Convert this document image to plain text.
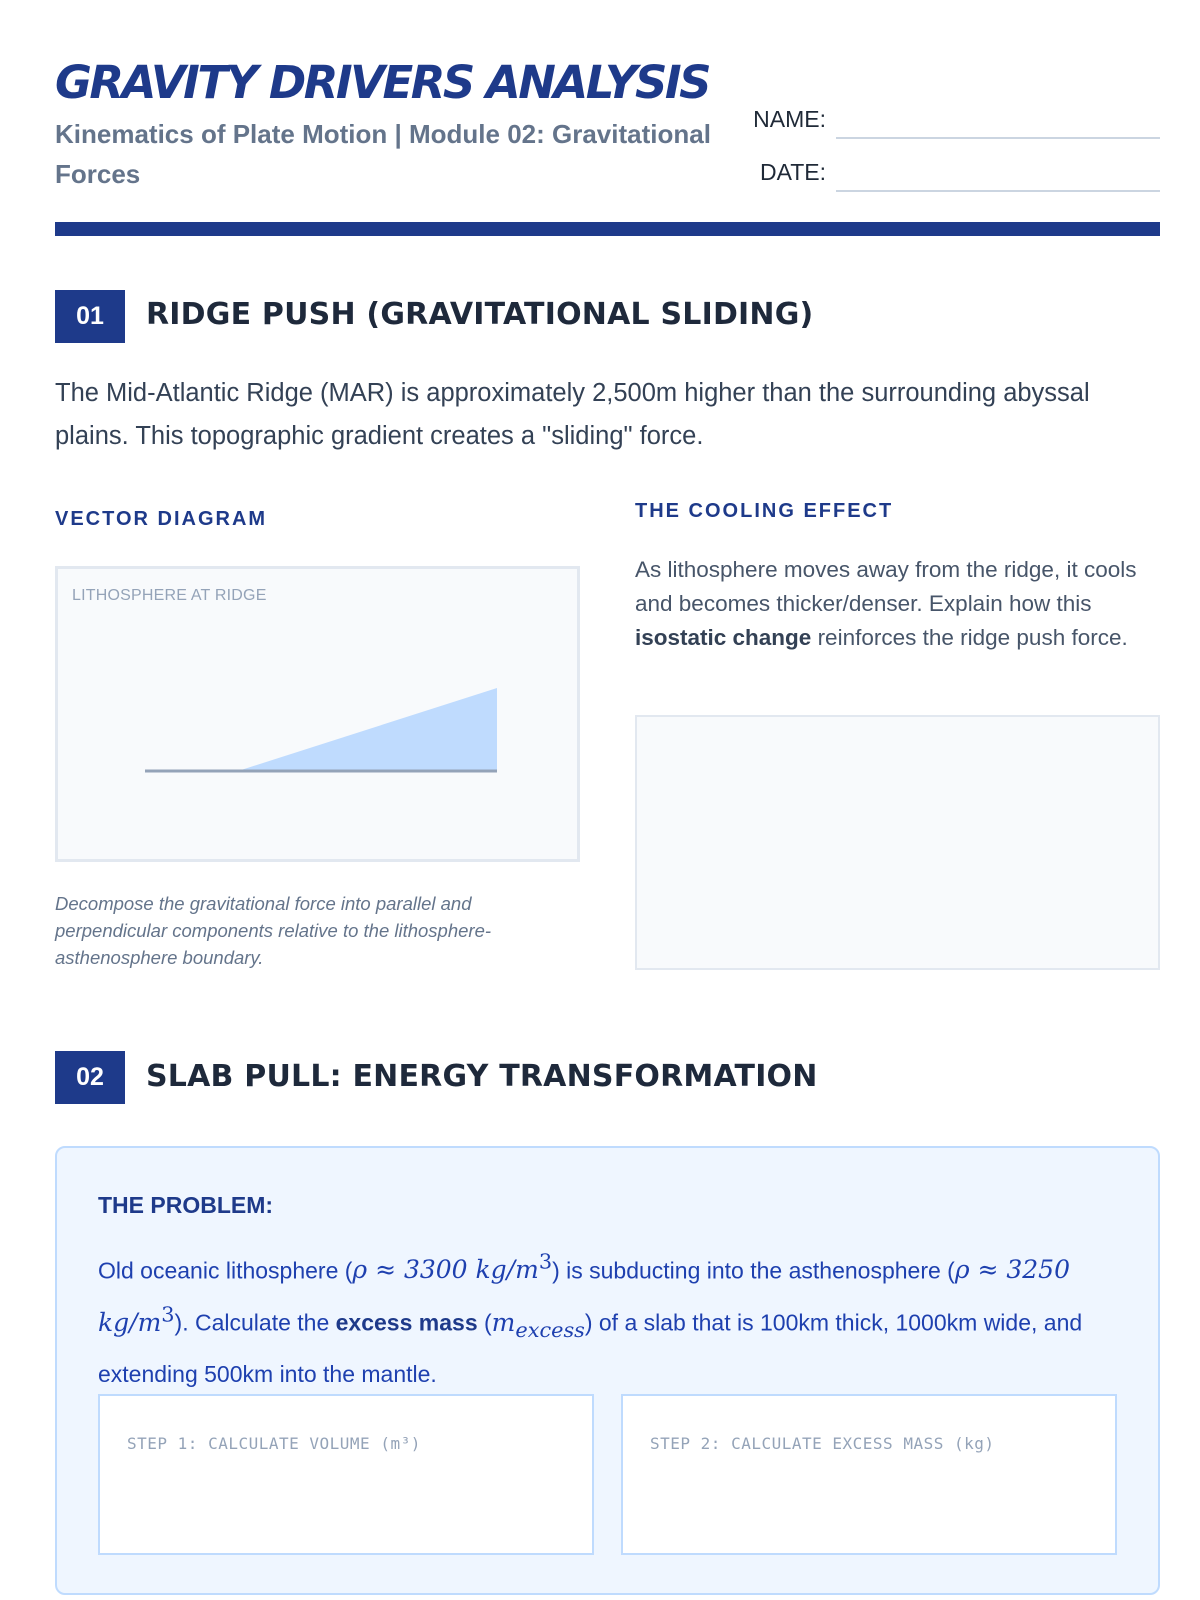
GRAVITY DRIVERS ANALYSIS
Kinematics of Plate Motion | Module 02: Gravitational Forces
NAME:
DATE:
01	RIDGE PUSH (GRAVITATIONAL SLIDING)

The Mid-Atlantic Ridge (MAR) is approximately 2,500m higher than the surrounding abyssal plains. This topographic gradient creates a "sliding" force.

VECTOR DIAGRAM
LITHOSPHERE AT RIDGE

Decompose the gravitational force into parallel and perpendicular components relative to the lithosphere-asthenosphere boundary.

THE COOLING EFFECT

As lithosphere moves away from the ridge, it cools and becomes thicker/denser. Explain how this isostatic change reinforces the ridge push force.

02	SLAB PULL: ENERGY TRANSFORMATION
THE PROBLEM:

Old oceanic lithosphere (ρ ≈ 3300 $kg/m^3$) is subducting into the asthenosphere (ρ ≈ 3250 $kg/m^3$). Calculate the excess mass $(m_{excess})$ of a slab that is 100km thick, 1000km wide, and extending 500km into the mantle.

STEP 1: CALCULATE VOLUME (m³)	STEP 2: CALCULATE EXCESS MASS (kg)
